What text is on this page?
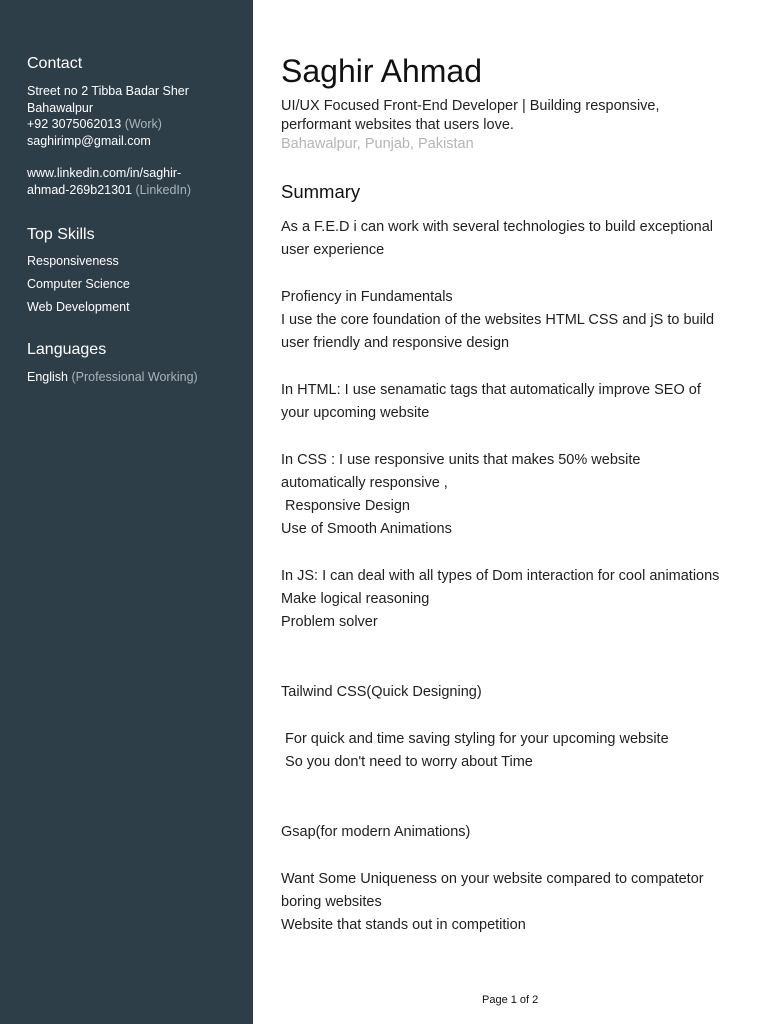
Contact
Street no 2 Tibba Badar Sher
Bahawalpur
+92 3075062013 (Work)
saghirimp@gmail.com
www.linkedin.com/in/saghir-
ahmad-269b21301 (LinkedIn)
Top Skills
Responsiveness
Computer Science
Web Development
Languages
English (Professional Working)
Saghir Ahmad
UI/UX Focused Front-End Developer | Building responsive,
performant websites that users love.
Bahawalpur, Punjab, Pakistan
Summary
As a F.E.D i can work with several technologies to build exceptional
user experience
Profiency in Fundamentals
I use the core foundation of the websites HTML CSS and jS to build
user friendly and responsive design
In HTML: I use senamatic tags that automatically improve SEO of
your upcoming website
In CSS : I use responsive units that makes 50% website
automatically responsive ,
Responsive Design
Use of Smooth Animations
In JS: I can deal with all types of Dom interaction for cool animations
Make logical reasoning
Problem solver
Tailwind CSS(Quick Designing)
For quick and time saving styling for your upcoming website
So you don't need to worry about Time
Gsap(for modern Animations)
Want Some Uniqueness on your website compared to compatetor
boring websites
Website that stands out in competition
Page 1 of 2
